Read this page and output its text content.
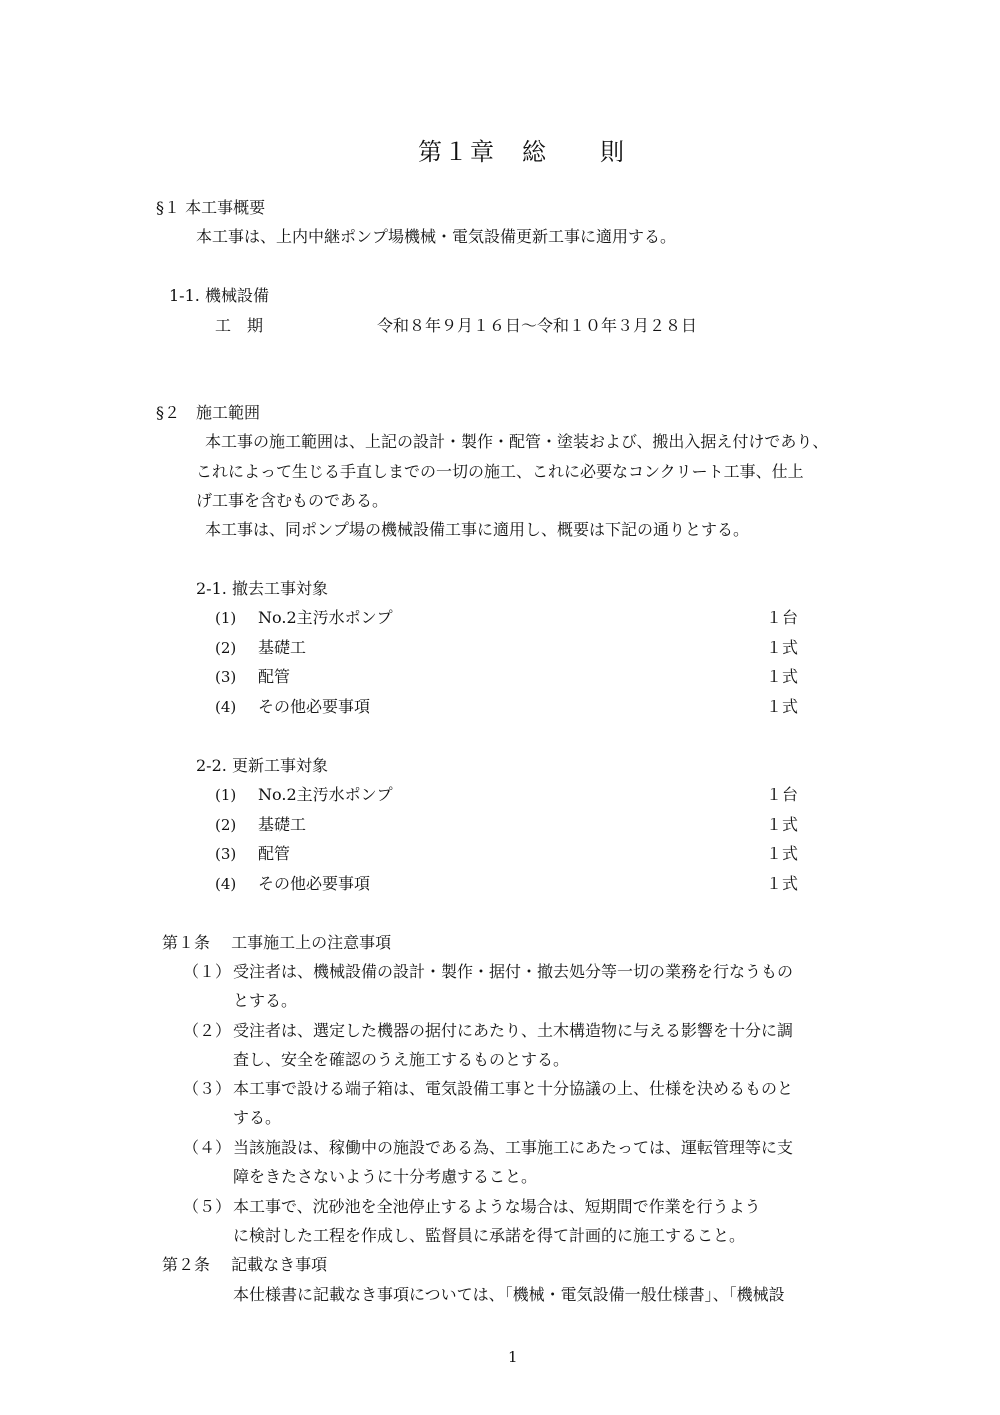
第１章　総　　則
§１ 本工事概要
本工事は、上内中継ポンプ場機械・電気設備更新工事に適用する。
1-1. 機械設備
工　期	令和８年９月１６日～令和１０年３月２８日
§２　施工範囲
本工事の施工範囲は、上記の設計・製作・配管・塗装および、搬出入据え付けであり、
これによって生じる手直しまでの一切の施工、これに必要なコンクリート工事、仕上
げ工事を含むものである。
本工事は、同ポンプ場の機械設備工事に適用し、概要は下記の通りとする。
2-1. 撤去工事対象
(1) No.2主汚水ポンプ	１台
(2) 基礎工	１式
(3) 配管	１式
(4) その他必要事項	１式
2-2. 更新工事対象
(1) No.2主汚水ポンプ	１台
(2) 基礎工	１式
(3) 配管	１式
(4) その他必要事項	１式
第１条　 工事施工上の注意事項
（１） 受注者は、機械設備の設計・製作・据付・撤去処分等一切の業務を行なうもの
とする。
（２） 受注者は、選定した機器の据付にあたり、土木構造物に与える影響を十分に調
査し、安全を確認のうえ施工するものとする。
（３） 本工事で設ける端子箱は、電気設備工事と十分協議の上、仕様を決めるものと
する。
（４） 当該施設は、稼働中の施設である為、工事施工にあたっては、運転管理等に支
障をきたさないように十分考慮すること。
（５） 本工事で、沈砂池を全池停止するような場合は、短期間で作業を行うよう
に検討した工程を作成し、監督員に承諾を得て計画的に施工すること。
第２条　 記載なき事項
本仕様書に記載なき事項については、「機械・電気設備一般仕様書」、「機械設
1
